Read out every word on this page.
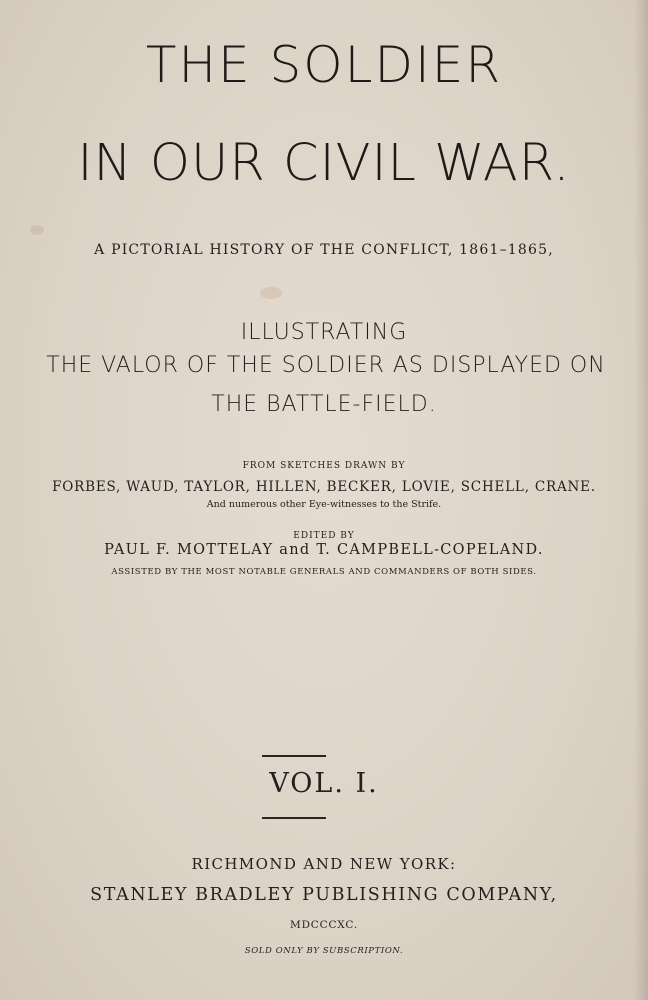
THE SOLDIER
IN OUR CIVIL WAR.

A PICTORIAL HISTORY OF THE CONFLICT, 1861–1865,

ILLUSTRATING

THE VALOR OF THE SOLDIER AS DISPLAYED ON

THE BATTLE-FIELD.

FROM SKETCHES DRAWN BY

FORBES, WAUD, TAYLOR, HILLEN, BECKER, LOVIE, SCHELL, CRANE.

And numerous other Eye-witnesses to the Strife.

EDITED BY

PAUL F. MOTTELAY and T. CAMPBELL-COPELAND.

ASSISTED BY THE MOST NOTABLE GENERALS AND COMMANDERS OF BOTH SIDES.

VOL. I.

RICHMOND AND NEW YORK:

STANLEY BRADLEY PUBLISHING COMPANY,

MDCCCXC.

SOLD ONLY BY SUBSCRIPTION.
